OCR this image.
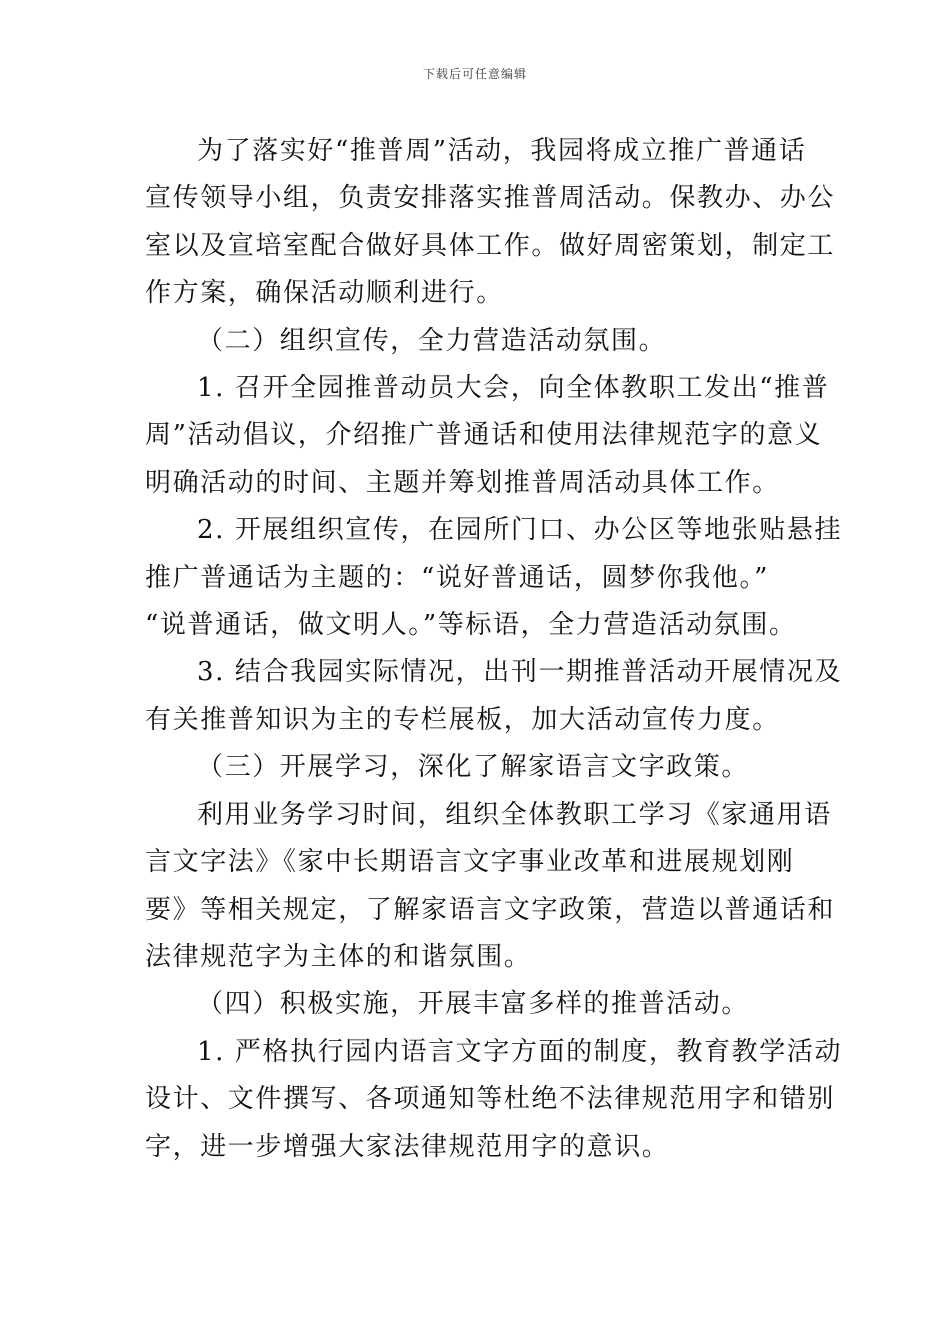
下载后可任意编辑

为了落实好“推普周”活动，我园将成立推广普通话
宣传领导小组，负责安排落实推普周活动。保教办、办公
室以及宣培室配合做好具体工作。做好周密策划，制定工
作方案，确保活动顺利进行。

（二）组织宣传，全力营造活动氛围。

1. 召开全园推普动员大会，向全体教职工发出“推普
周”活动倡议，介绍推广普通话和使用法律规范字的意义
明确活动的时间、主题并筹划推普周活动具体工作。

2. 开展组织宣传，在园所门口、办公区等地张贴悬挂
推广普通话为主题的：“说好普通话，圆梦你我他。”
“说普通话，做文明人。”等标语，全力营造活动氛围。

3. 结合我园实际情况，出刊一期推普活动开展情况及
有关推普知识为主的专栏展板，加大活动宣传力度。

（三）开展学习，深化了解家语言文字政策。

利用业务学习时间，组织全体教职工学习《家通用语
言文字法》《家中长期语言文字事业改革和进展规划刚
要》等相关规定，了解家语言文字政策，营造以普通话和
法律规范字为主体的和谐氛围。

（四）积极实施，开展丰富多样的推普活动。

1. 严格执行园内语言文字方面的制度，教育教学活动
设计、文件撰写、各项通知等杜绝不法律规范用字和错别
字，进一步增强大家法律规范用字的意识。
